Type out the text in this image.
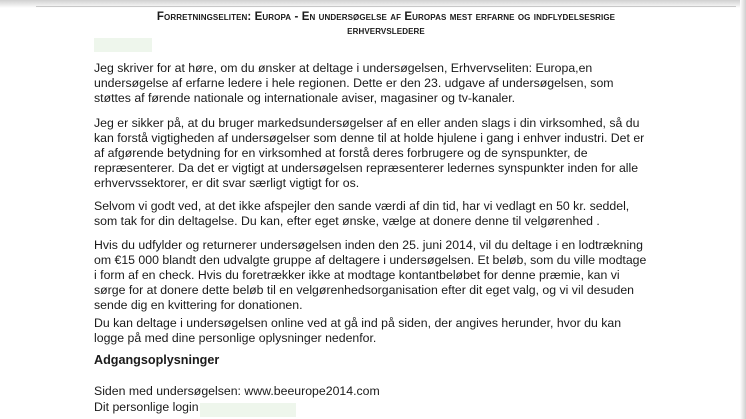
Forretningseliten: Europa - En undersøgelse af Europas mest erfarne og indflydelsesrige
erhvervsledere
Jeg skriver for at høre, om du ønsker at deltage i undersøgelsen, Erhvervseliten: Europa,en
undersøgelse af erfarne ledere i hele regionen. Dette er den 23. udgave af undersøgelsen, som
støttes af førende nationale og internationale aviser, magasiner og tv-kanaler.
Jeg er sikker på, at du bruger markedsundersøgelser af en eller anden slags i din virksomhed, så du
kan forstå vigtigheden af undersøgelser som denne til at holde hjulene i gang i enhver industri. Det er
af afgørende betydning for en virksomhed at forstå deres forbrugere og de synspunkter, de
repræsenterer. Da det er vigtigt at undersøgelsen repræsenterer ledernes synspunkter inden for alle
erhvervssektorer, er dit svar særligt vigtigt for os.
Selvom vi godt ved, at det ikke afspejler den sande værdi af din tid, har vi vedlagt en 50 kr. seddel,
som tak for din deltagelse. Du kan, efter eget ønske, vælge at donere denne til velgørenhed .
Hvis du udfylder og returnerer undersøgelsen inden den 25. juni 2014, vil du deltage i en lodtrækning
om €15 000 blandt den udvalgte gruppe af deltagere i undersøgelsen. Et beløb, som du ville modtage
i form af en check. Hvis du foretrækker ikke at modtage kontantbeløbet for denne præmie, kan vi
sørge for at donere dette beløb til en velgørenhedsorganisation efter dit eget valg, og vi vil desuden
sende dig en kvittering for donationen.
Du kan deltage i undersøgelsen online ved at gå ind på siden, der angives herunder, hvor du kan
logge på med dine personlige oplysninger nedenfor.

Adgangsoplysninger

Siden med undersøgelsen: www.beeurope2014.com

Dit personlige login
